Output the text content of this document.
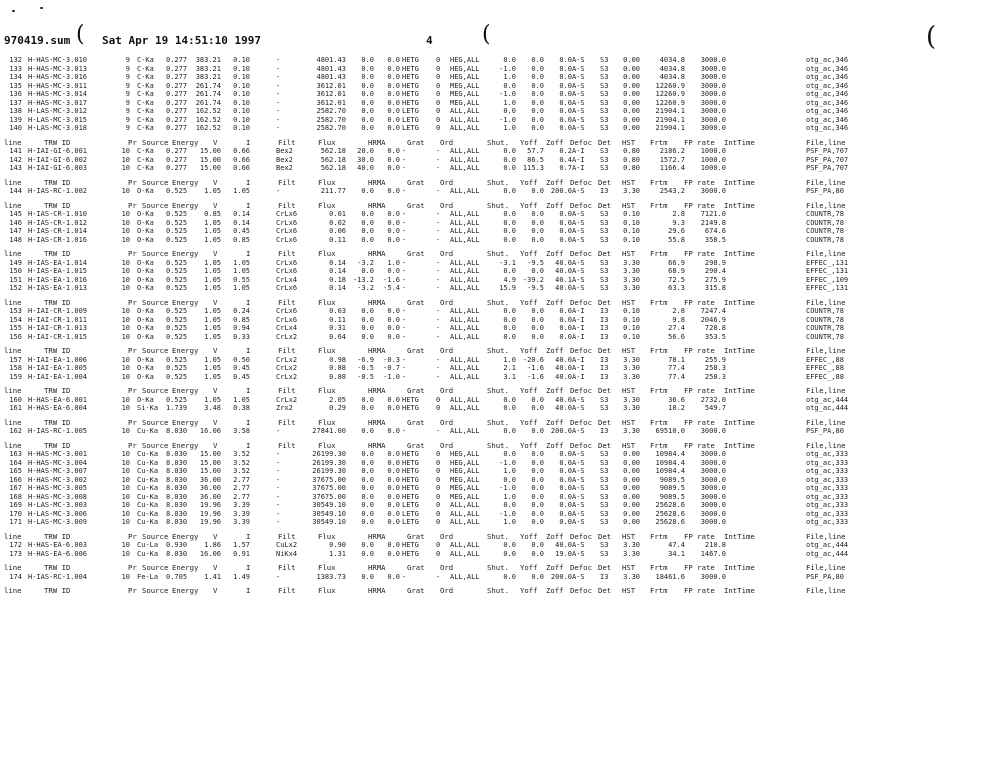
(	(	(
970419.sum	Sat Apr 19 14:51:10 1997	4
132 H-HAS-MC-3.010	9 C-Ka	0.277	383.21	0.10	-	4801.43	0.0	0.0 HETG	0	HEG,ALL	0.0	0.0	0.0 A-S	S3	0.00	4034.8	3000.0	otg_ac,346
133 H-HAS-MC-3.013	9 C-Ka	0.277	383.21	0.10	-	4801.43	0.0	0.0 HETG	0	HEG,ALL	-1.0	0.0	0.0 A-S	S3	0.00	4034.8	3000.0	otg_ac,346
134 H-HAS-MC-3.016	9 C-Ka	0.277	383.21	0.10	-	4801.43	0.0	0.0 HETG	0	HEG,ALL	1.0	0.0	0.0 A-S	S3	0.00	4034.8	3000.0	otg_ac,346
135 H-HAS-MC-3.011	9 C-Ka	0.277	261.74	0.10	-	3612.01	0.0	0.0 HETG	0	MEG,ALL	0.0	0.0	0.0 A-S	S3	0.00	12260.9	3000.0	otg_ac,346
136 H-HAS-MC-3.014	9 C-Ka	0.277	261.74	0.10	-	3612.01	0.0	0.0 HETG	0	MEG,ALL	-1.0	0.0	0.0 A-S	S3	0.00	12260.9	3000.0	otg_ac,346
137 H-HAS-MC-3.017	9 C-Ka	0.277	261.74	0.10	-	3612.01	0.0	0.0 HETG	0	MEG,ALL	1.0	0.0	0.0 A-S	S3	0.00	12260.9	3000.0	otg_ac,346
138 H-LAS-MC-3.012	9 C-Ka	0.277	162.52	0.10	-	2582.70	0.0	0.0 LETG	0	ALL,ALL	0.0	0.0	0.0 A-S	S3	0.00	21904.1	3000.0	otg_ac,346
139 H-LAS-MC-3.015	9 C-Ka	0.277	162.52	0.10	-	2582.70	0.0	0.0 LETG	0	ALL,ALL	-1.0	0.0	0.0 A-S	S3	0.00	21904.1	3000.0	otg_ac,346
140 H-LAS-MC-3.018	9 C-Ka	0.277	162.52	0.10	-	2582.70	0.0	0.0 LETG	0	ALL,ALL	1.0	0.0	0.0 A-S	S3	0.00	21904.1	3000.0	otg_ac,346
line	TRW ID	Pr Source Energy V	I	Filt	Flux	HRMA	Grat Ord	Shut. Yoff Zoff Defoc Det HST Frtm FP rate IntTime	File,line
141 H-IAI-GI-6.001	10 C-Ka	0.277	15.00	0.66	Bex2	562.18	20.0	0.0 -	-	ALL,ALL	0.0	57.7	0.2 A-I	S3	0.80	2186.2	1000.0	PSF_PA,707
142 H-IAI-GI-6.002	10 C-Ka	0.277	15.00	0.66	Bex2	562.18	30.0	0.0 -	-	ALL,ALL	0.0	86.5	0.4 A-I	S3	0.80	1572.7	1000.0	PSF_PA,707
143 H-IAI-GI-6.003	10 C-Ka	0.277	15.00	0.66	Bex2	562.18	40.0	0.0 -	-	ALL,ALL	0.0 115.3	0.7 A-I	S3	0.80	1166.4	1000.0	PSF_PA,707
line	TRW ID	Pr Source Energy V	I	Filt	Flux	HRMA	Grat Ord	Shut. Yoff Zoff Defoc Det HST Frtm FP rate IntTime	File,line
144 H-IAS-RC-1.002	10 O-Ka	0.525	1.05	1.05	-	211.77	0.0	0.0 -	-	ALL,ALL	0.0	0.0 200.0 A-S	I3	3.30	2543.2	3000.0	PSF_PA,80
line	TRW ID	Pr Source Energy V	I	Filt	Flux	HRMA	Grat Ord	Shut. Yoff Zoff Defoc Det HST Frtm FP rate IntTime	File,line
145 H-IAS-CR-1.010	10 O-Ka	0.525	0.85	0.14	CrLx6	0.01	0.0	0.0 -	-	ALL,ALL	0.0	0.0	0.0 A-S	S3	0.10	2.8	7121.0	COUNTR,78
146 H-IAS-CR-1.012	10 O-Ka	0.525	1.05	0.14	CrLx6	0.02	0.0	0.0 -	-	ALL,ALL	0.0	0.0	0.0 A-S	S3	0.10	9.3	2149.8	COUNTR,78
147 H-IAS-CR-1.014	10 O-Ka	0.525	1.05	0.45	CrLx6	0.06	0.0	0.0 -	-	ALL,ALL	0.0	0.0	0.0 A-S	S3	0.10	29.6	674.6	COUNTR,78
148 H-IAS-CR-1.016	10 O-Ka	0.525	1.05	0.85	CrLx6	0.11	0.0	0.0 -	-	ALL,ALL	0.0	0.0	0.0 A-S	S3	0.10	55.8	358.5	COUNTR,78
line	TRW ID	Pr Source Energy V	I	Filt	Flux	HRMA	Grat Ord	Shut. Yoff Zoff Defoc Det HST Frtm FP rate IntTime	File,line
149 H-IAS-EA-1.014	10 O-Ka	0.525	1.05	1.05	CrLx6	0.14	-3.2	1.0 -	-	ALL,ALL	-3.1	-9.5	40.0 A-S	S3	3.30	66.9	298.9	EFFEC_,131
150 H-IAS-EA-1.015	10 O-Ka	0.525	1.05	1.05	CrLx6	0.14	0.0	0.0 -	-	ALL,ALL	0.0	0.0	40.0 A-S	S3	3.30	68.9	290.4	EFFEC_,131
151 H-IAS-EA-1.016	10 O-Ka	0.525	1.05	0.55	CrLx4	0.18 -13.2	-1.6 -	-	ALL,ALL	4.9 -39.2	40.1 A-S	S3	3.30	72.5	275.9	EFFEC_,109
152 H-IAS-EA-1.013	10 O-Ka	0.525	1.05	1.05	CrLx6	0.14	-3.2	-5.4 -	-	ALL,ALL	15.9	-9.5	40.0 A-S	S3	3.30	63.3	315.8	EFFEC_,131
line	TRW ID	Pr Source Energy V	I	Filt	Flux	HRMA	Grat Ord	Shut. Yoff Zoff Defoc Det HST Frtm FP rate IntTime	File,line
153 H-IAI-CR-1.009	10 O-Ka	0.525	1.05	0.24	CrLx6	0.03	0.0	0.0 -	-	ALL,ALL	0.0	0.0	0.0 A-I	I3	0.10	2.8	7247.4	COUNTR,78
154 H-IAI-CR-1.011	10 O-Ka	0.525	1.05	0.85	CrLx6	0.11	0.0	0.0 -	-	ALL,ALL	0.0	0.0	0.0 A-I	I3	0.10	9.8	2046.9	COUNTR,78
155 H-IAI-CR-1.013	10 O-Ka	0.525	1.05	0.94	CrLx4	0.31	0.0	0.0 -	-	ALL,ALL	0.0	0.0	0.0 A-I	I3	0.10	27.4	728.8	COUNTR,78
156 H-IAI-CR-1.015	10 O-Ka	0.525	1.05	0.33	CrLx2	0.64	0.0	0.0 -	-	ALL,ALL	0.0	0.0	0.0 A-I	I3	0.10	56.6	353.5	COUNTR,78
line	TRW ID	Pr Source Energy V	I	Filt	Flux	HRMA	Grat Ord	Shut. Yoff Zoff Defoc Det HST Frtm FP rate IntTime	File,line
157 H-IAI-EA-1.006	10 O-Ka	0.525	1.05	0.50	CrLx2	0.98	-6.9	-0.3 -	-	ALL,ALL	1.0 -20.6	40.0 A-I	I3	3.30	78.1	255.9	EFFEC_,88
158 H-IAI-EA-1.005	10 O-Ka	0.525	1.05	0.45	CrLx2	0.88	-0.5	-0.7 -	-	ALL,ALL	2.1	-1.6	40.0 A-I	I3	3.30	77.4	258.3	EFFEC_,88
159 H-IAI-EA-1.004	10 O-Ka	0.525	1.05	0.45	CrLx2	0.88	-0.5	-1.0 -	-	ALL,ALL	3.1	-1.6	40.0 A-I	I3	3.30	77.4	258.3	EFFEC_,88
line	TRW ID	Pr Source Energy V	I	Filt	Flux	HRMA	Grat Ord	Shut. Yoff Zoff Defoc Det HST Frtm FP rate IntTime	File,line
160 H-HAS-EA-6.001	10 O-Ka	0.525	1.05	1.05	CrLx2	2.05	0.0	0.0 HETG	0	ALL,ALL	0.0	0.0	40.0 A-S	S3	3.30	36.6	2732.0	otg_ac,444
161 H-HAS-EA-6.004	10 Si-Ka	1.739	3.48	0.38	Zrx2	0.29	0.0	0.0 HETG	0	ALL,ALL	0.0	0.0	40.0 A-S	S3	3.30	18.2	549.7	otg_ac,444
line	TRW ID	Pr Source Energy V	I	Filt	Flux	HRMA	Grat Ord	Shut. Yoff Zoff Defoc Det HST Frtm FP rate IntTime	File,line
162 H-IAS-RC-1.005	10 Cu-Ka	8.030	16.06	3.58	-	27841.00	0.0	0.0 -	-	ALL,ALL	0.0	0.0 200.0 A-S	I3	3.30	69510.0	3000.0	PSF_PA,80
line	TRW ID	Pr Source Energy V	I	Filt	Flux	HRMA	Grat Ord	Shut. Yoff Zoff Defoc Det HST Frtm FP rate IntTime	File,line
163 H-HAS-MC-3.001	10 Cu-Ka	8.030	15.00	3.52	-	26199.30	0.0	0.0 HETG	0	HEG,ALL	0.0	0.0	0.0 A-S	S3	0.00	10984.4	3000.0	otg_ac,333
164 H-HAS-MC-3.004	10 Cu-Ka	8.030	15.00	3.52	-	26199.30	0.0	0.0 HETG	0	HEG,ALL	-1.0	0.0	0.0 A-S	S3	0.00	10984.4	3000.0	otg_ac,333
165 H-HAS-MC-3.007	10 Cu-Ka	8.030	15.00	3.52	-	26199.30	0.0	0.0 HETG	0	HEG,ALL	1.0	0.0	0.0 A-S	S3	0.00	10984.4	3000.0	otg_ac,333
166 H-HAS-MC-3.002	10 Cu-Ka	8.030	36.00	2.77	-	37675.00	0.0	0.0 HETG	0	MEG,ALL	0.0	0.0	0.0 A-S	S3	0.00	9089.5	3000.0	otg_ac,333
167 H-HAS-MC-3.005	10 Cu-Ka	8.030	36.00	2.77	-	37675.00	0.0	0.0 HETG	0	MEG,ALL	-1.0	0.0	0.0 A-S	S3	0.00	9089.5	3000.0	otg_ac,333
168 H-HAS-MC-3.008	10 Cu-Ka	8.030	36.00	2.77	-	37675.00	0.0	0.0 HETG	0	MEG,ALL	1.0	0.0	0.0 A-S	S3	0.00	9089.5	3000.0	otg_ac,333
169 H-LAS-MC-3.003	10 Cu-Ka	8.030	19.96	3.39	-	30549.10	0.0	0.0 LETG	0	ALL,ALL	0.0	0.0	0.0 A-S	S3	0.00	25628.6	3000.0	otg_ac,333
170 H-LAS-MC-3.006	10 Cu-Ka	8.030	19.96	3.39	-	30549.10	0.0	0.0 LETG	0	ALL,ALL	-1.0	0.0	0.0 A-S	S3	0.00	25628.6	3000.0	otg_ac,333
171 H-LAS-MC-3.009	10 Cu-Ka	8.030	19.96	3.39	-	30549.10	0.0	0.0 LETG	0	ALL,ALL	1.0	0.0	0.0 A-S	S3	0.00	25628.6	3000.0	otg_ac,333
line	TRW ID	Pr Source Energy V	I	Filt	Flux	HRMA	Grat Ord	Shut. Yoff Zoff Defoc Det HST Frtm FP rate IntTime	File,line
172 H-HAS-EA-6.003	10 Cu-La	0.930	1.86	1.57	CuLx2	0.90	0.0	0.0 HETG	0	ALL,ALL	0.0	0.0	40.0 A-S	S3	3.30	47.4	210.8	otg_ac,444
173 H-HAS-EA-6.006	10 Cu-Ka	8.030	16.06	0.91	NiKx4	1.31	0.0	0.0 HETG	0	ALL,ALL	0.0	0.0	19.0 A-S	S3	3.30	34.1	1467.0	otg_ac,444
line	TRW ID	Pr Source Energy V	I	Filt	Flux	HRMA	Grat Ord	Shut. Yoff Zoff Defoc Det HST Frtm FP rate IntTime	File,line
174 H-IAS-RC-1.004	10 Fe-La	0.705	1.41	1.49	-	1383.73	0.0	0.0 -	-	ALL,ALL	0.0	0.0 200.0 A-S	I3	3.30	18461.6	3000.0	PSF_PA,80
line	TRW ID	Pr Source Energy V	I	Filt	Flux	HRMA	Grat Ord	Shut. Yoff Zoff Defoc Det HST Frtm FP rate IntTime	File,line
